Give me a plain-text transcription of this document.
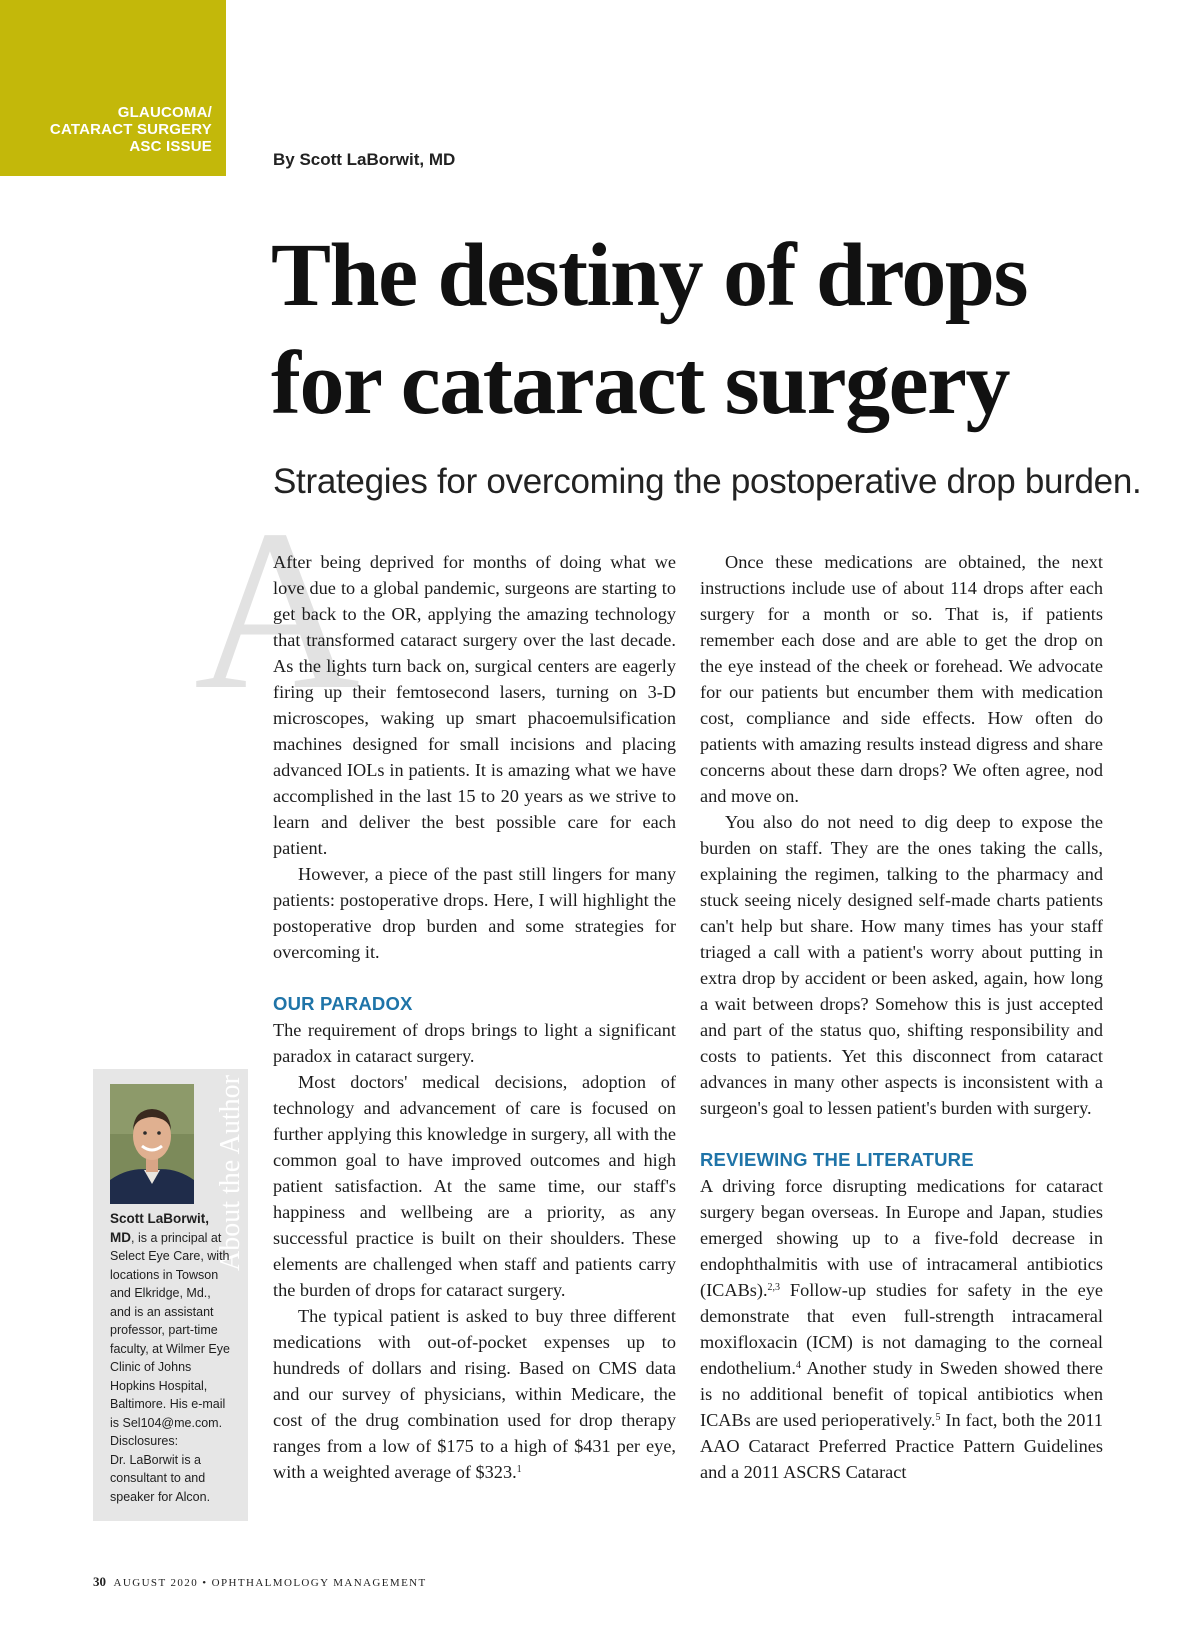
GLAUCOMA/
CATARACT SURGERY
ASC ISSUE
By Scott LaBorwit, MD
The destiny of drops
for cataract surgery
Strategies for overcoming the postoperative drop burden.
A

After being deprived for months of doing what we love due to a global pandemic, surgeons are starting to get back to the OR, applying the amazing technology that transformed cataract surgery over the last decade. As the lights turn back on, surgical centers are eagerly firing up their femtosecond lasers, turning on 3-D microscopes, waking up smart phacoemulsification machines designed for small incisions and placing advanced IOLs in patients. It is amazing what we have accomplished in the last 15 to 20 years as we strive to learn and deliver the best possible care for each patient.

However, a piece of the past still lingers for many patients: postoperative drops. Here, I will highlight the postoperative drop burden and some strategies for overcoming it.

OUR PARADOX

The requirement of drops brings to light a significant paradox in cataract surgery.

Most doctors' medical decisions, adoption of technology and advancement of care is focused on further applying this knowledge in surgery, all with the common goal to have improved outcomes and high patient satisfaction. At the same time, our staff's happiness and wellbeing are a priority, as any successful practice is built on their shoulders. These elements are challenged when staff and patients carry the burden of drops for cataract surgery.

The typical patient is asked to buy three different medications with out-of-pocket expenses up to hundreds of dollars and rising. Based on CMS data and our survey of physicians, within Medicare, the cost of the drug combination used for drop therapy ranges from a low of $175 to a high of $431 per eye, with a weighted average of $323.$^1$

Once these medications are obtained, the next instructions include use of about 114 drops after each surgery for a month or so. That is, if patients remember each dose and are able to get the drop on the eye instead of the cheek or forehead. We advocate for our patients but encumber them with medication cost, compliance and side effects. How often do patients with amazing results instead digress and share concerns about these darn drops? We often agree, nod and move on.

You also do not need to dig deep to expose the burden on staff. They are the ones taking the calls, explaining the regimen, talking to the pharmacy and stuck seeing nicely designed self-made charts patients can't help but share. How many times has your staff triaged a call with a patient's worry about putting in extra drop by accident or been asked, again, how long a wait between drops? Somehow this is just accepted and part of the status quo, shifting responsibility and costs to patients. Yet this disconnect from cataract advances in many other aspects is inconsistent with a surgeon's goal to lessen patient's burden with surgery.

REVIEWING THE LITERATURE

A driving force disrupting medications for cataract surgery began overseas. In Europe and Japan, studies emerged showing up to a five-fold decrease in endophthalmitis with use of intracameral antibiotics (ICABs).$^{2,3}$ Follow-up studies for safety in the eye demonstrate that even full-strength intracameral moxifloxacin (ICM) is not damaging to the corneal endothelium.$^4$ Another study in Sweden showed there is no additional benefit of topical antibiotics when ICABs are used perioperatively.$^5$ In fact, both the 2011 AAO Cataract Preferred Practice Pattern Guidelines and a 2011 ASCRS Cataract

About the Author
Scott LaBorwit, MD, is a principal at Select Eye Care, with locations in Towson and Elkridge, Md., and is an assistant professor, part-time faculty, at Wilmer Eye Clinic of Johns Hopkins Hospital, Baltimore. His e-mail is Sel104@me.com.
Disclosures:
Dr. LaBorwit is a consultant to and speaker for Alcon.
30 AUGUST 2020 • OPHTHALMOLOGY MANAGEMENT
